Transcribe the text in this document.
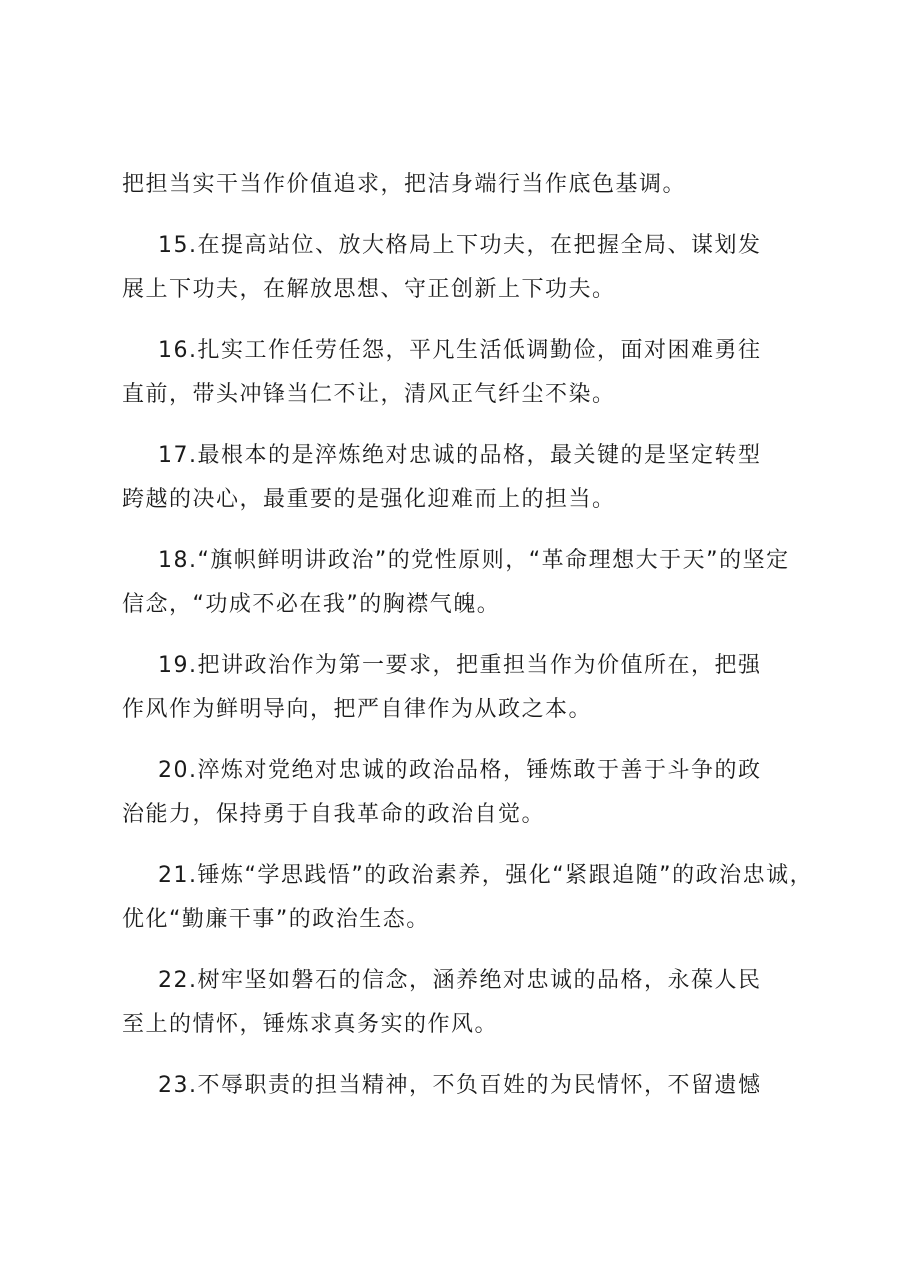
把担当实干当作价值追求，把洁身端行当作底色基调。
15.在提高站位、放大格局上下功夫，在把握全局、谋划发
展上下功夫，在解放思想、守正创新上下功夫。
16.扎实工作任劳任怨，平凡生活低调勤俭，面对困难勇往
直前，带头冲锋当仁不让，清风正气纤尘不染。
17.最根本的是淬炼绝对忠诚的品格，最关键的是坚定转型
跨越的决心，最重要的是强化迎难而上的担当。
18.“旗帜鲜明讲政治”的党性原则，“革命理想大于天”的坚定
信念，“功成不必在我”的胸襟气魄。
19.把讲政治作为第一要求，把重担当作为价值所在，把强
作风作为鲜明导向，把严自律作为从政之本。
20.淬炼对党绝对忠诚的政治品格，锤炼敢于善于斗争的政
治能力，保持勇于自我革命的政治自觉。
21.锤炼“学思践悟”的政治素养，强化“紧跟追随”的政治忠诚，
优化“勤廉干事”的政治生态。
22.树牢坚如磐石的信念，涵养绝对忠诚的品格，永葆人民
至上的情怀，锤炼求真务实的作风。
23.不辱职责的担当精神，不负百姓的为民情怀，不留遗憾
